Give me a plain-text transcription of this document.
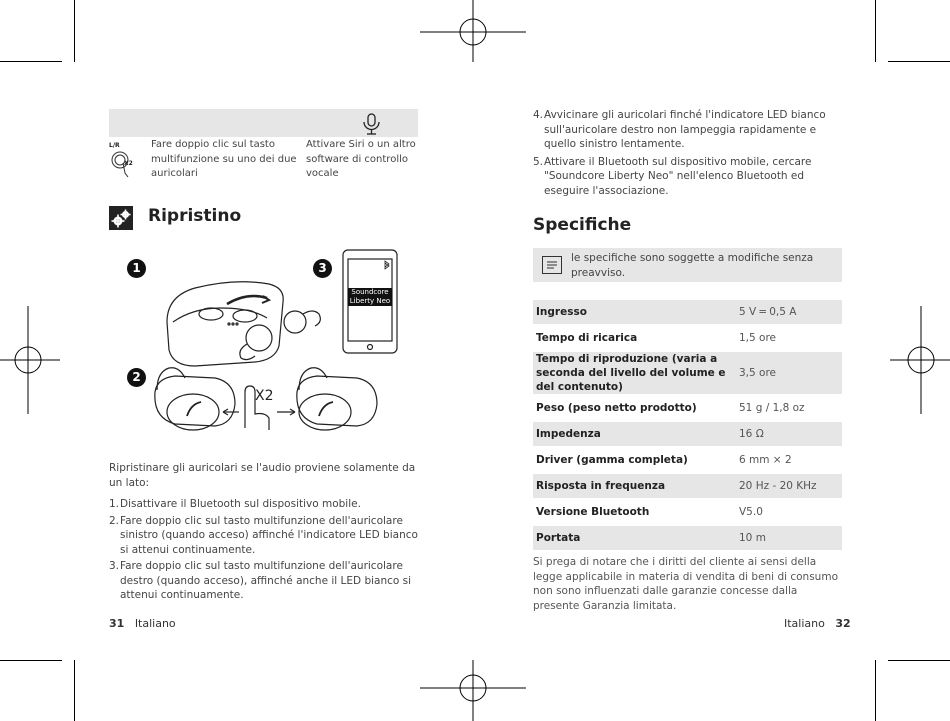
L/R
X2
Fare doppio clic sul tasto multifunzione su uno dei due auricolari
Attivare Siri o un altro software di controllo vocale
Ripristino
1	3
2
Soundcore
Liberty Neo
X2
Ripristinare gli auricolari se l'audio proviene solamente da un lato:
1. Disattivare il Bluetooth sul dispositivo mobile.
2. Fare doppio clic sul tasto multifunzione dell'auricolare sinistro (quando acceso) affinché l'indicatore LED bianco si attenui continuamente.
3. Fare doppio clic sul tasto multifunzione dell'auricolare destro (quando acceso), affinché anche il LED bianco si attenui continuamente.
31 Italiano
4. Avvicinare gli auricolari finché l'indicatore LED bianco sull'auricolare destro non lampeggia rapidamente e quello sinistro lentamente.
5. Attivare il Bluetooth sul dispositivo mobile, cercare "Soundcore Liberty Neo" nell'elenco Bluetooth ed eseguire l'associazione.
Specifiche
le specifiche sono soggette a modifiche senza preavviso.
Ingresso	5 V ═ 0,5 A

Tempo di ricarica	1,5 ore

Tempo di riproduzione (varia a seconda del livello del volume e del contenuto)	3,5 ore

Peso (peso netto prodotto)	51 g / 1,8 oz

Impedenza	16 Ω

Driver (gamma completa)	6 mm × 2

Risposta in frequenza	20 Hz - 20 KHz

Versione Bluetooth	V5.0

Portata	10 m
Si prega di notare che i diritti del cliente ai sensi della legge applicabile in materia di vendita di beni di consumo non sono influenzati dalle garanzie concesse dalla presente Garanzia limitata.
Italiano 32
